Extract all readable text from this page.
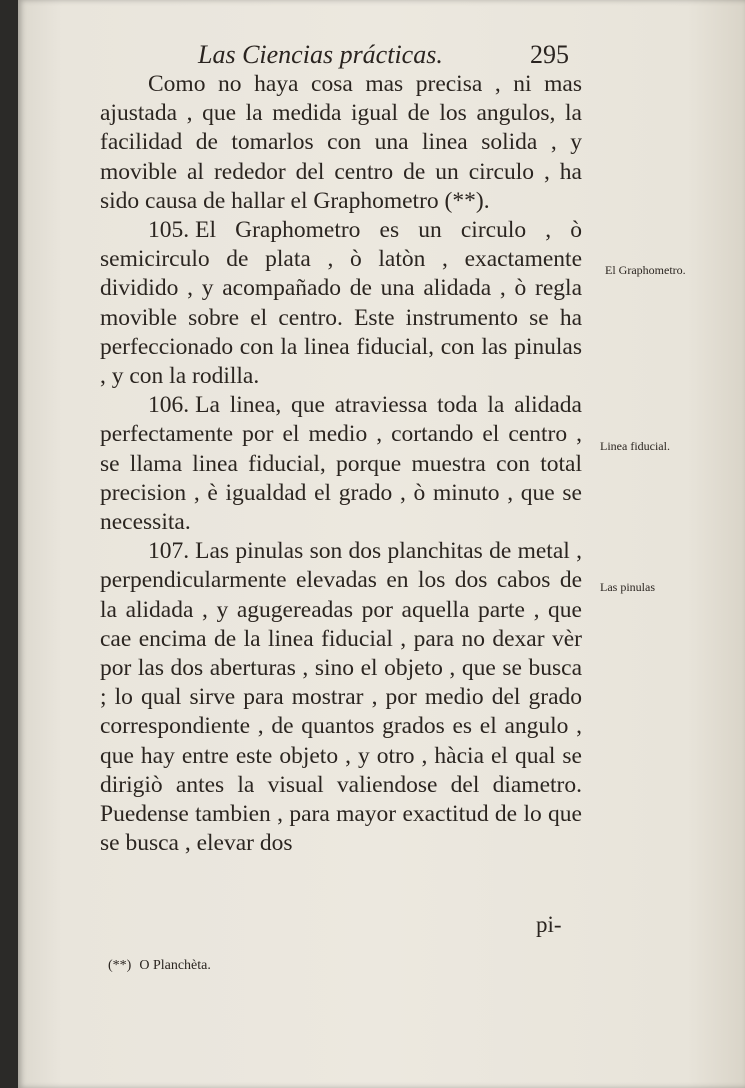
Las Ciencias prácticas.	295

Como no haya cosa mas precisa , ni mas ajustada , que la medida igual de los angulos, la facilidad de tomarlos con una linea solida , y movible al rededor del centro de un circulo , ha sido causa de hallar el Graphometro (**).

105. El Graphometro es un circulo , ò semicirculo de plata , ò latòn , exactamente dividido , y acompañado de una alidada , ò regla movible sobre el centro. Este instrumento se ha perfeccionado con la linea fiducial, con las pinulas , y con la rodilla.

106. La linea, que atraviessa toda la alidada perfectamente por el medio , cortando el centro , se llama linea fiducial, porque muestra con total precision , è igualdad el grado , ò minuto , que se necessita.

107. Las pinulas son dos planchitas de metal , perpendicularmente elevadas en los dos cabos de la alidada , y agugereadas por aquella parte , que cae encima de la linea fiducial , para no dexar vèr por las dos aberturas , sino el objeto , que se busca ; lo qual sirve para mostrar , por medio del grado correspondiente , de quantos grados es el angulo , que hay entre este objeto , y otro , hàcia el qual se dirigiò antes la visual valiendose del diametro. Puedense tambien , para mayor exactitud de lo que se busca , elevar dos

pi-
(**) O Planchèta.
El Graphometro.
Linea fiducial.
Las pinulas
